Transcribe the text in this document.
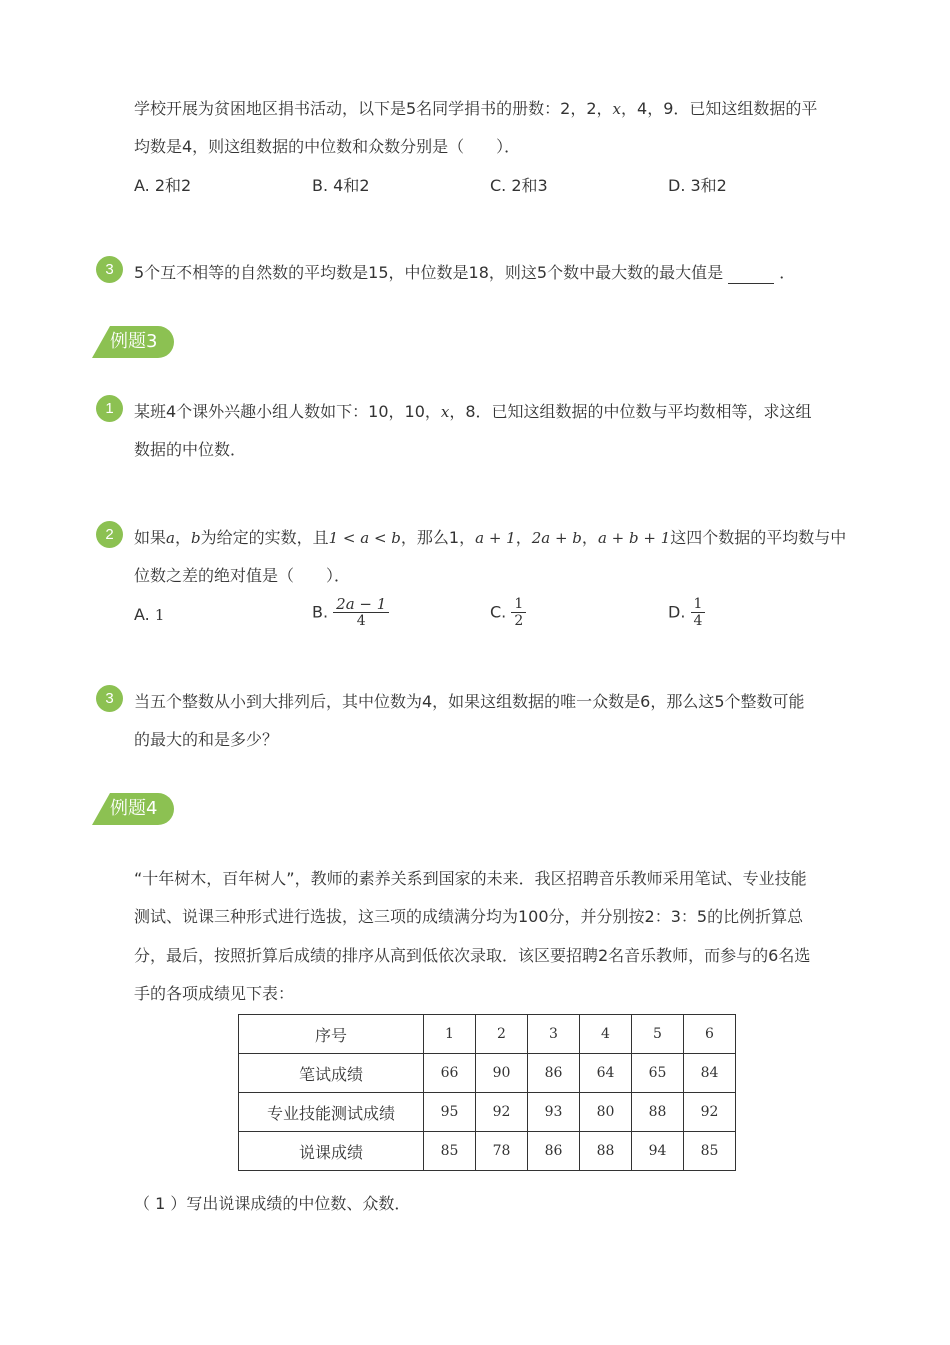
学校开展为贫困地区捐书活动，以下是5名同学捐书的册数：2，2，x，4，9．已知这组数据的平
均数是4，则这组数据的中位数和众数分别是（　　）．
A. 2和2	B. 4和2	C. 2和3	D. 3和2
3	5个互不相等的自然数的平均数是15，中位数是18，则这5个数中最大数的最大值是	．
例题3
1	某班4个课外兴趣小组人数如下：10，10，x，8．已知这组数据的中位数与平均数相等，求这组
数据的中位数．
2	如果a，b为给定的实数，且1 < a < b，那么1，a + 1，2a + b，a + b + 1这四个数据的平均数与中
位数之差的绝对值是（　　）．
A. 1	B. $\frac{2a - 1}{4}$	C. $\frac{1}{2}$	D. $\frac{1}{4}$
3	当五个整数从小到大排列后，其中位数为4，如果这组数据的唯一众数是6，那么这5个整数可能
的最大的和是多少？
例题4
“十年树木，百年树人”，教师的素养关系到国家的未来．我区招聘音乐教师采用笔试、专业技能
测试、说课三种形式进行选拔，这三项的成绩满分均为100分，并分别按2：3：5的比例折算总
分，最后，按照折算后成绩的排序从高到低依次录取．该区要招聘2名音乐教师，而参与的6名选
手的各项成绩见下表：
序号	1	2	3	4	5	6
笔试成绩	66	90	86	64	65	84
专业技能测试成绩	95	92	93	80	88	92
说课成绩	85	78	86	88	94	85
（ 1 ）写出说课成绩的中位数、众数．
